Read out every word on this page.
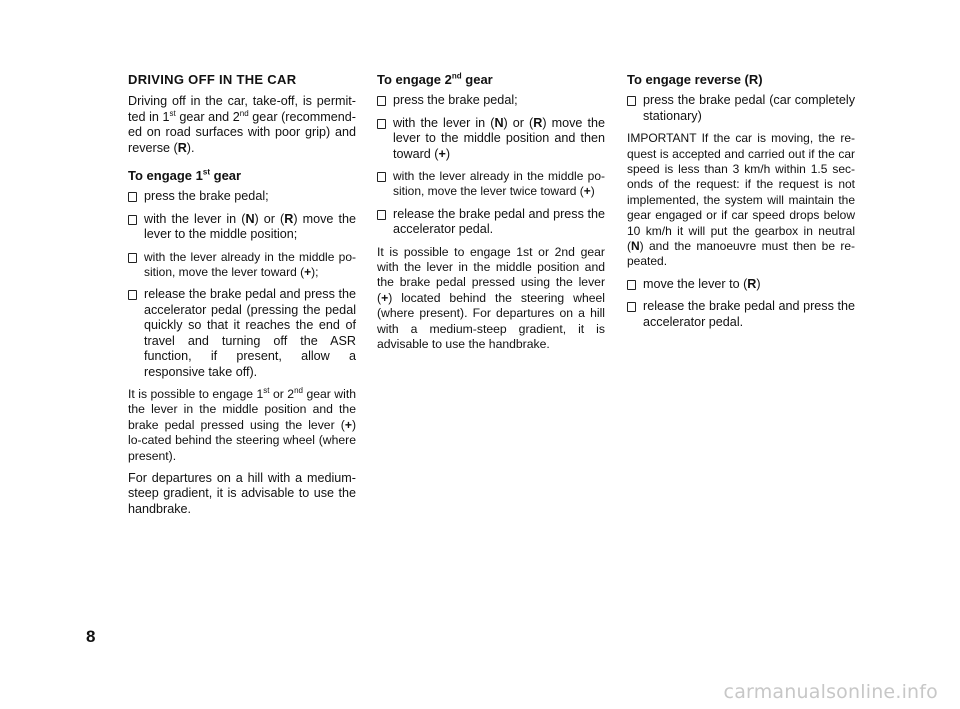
DRIVING OFF IN THE CAR

Driving off in the car, take-off, is permit-ted in 1st gear and 2nd gear (recommend-ed on road surfaces with poor grip) and reverse (R).

To engage 1st gear
press the brake pedal;
with the lever in (N) or (R) move the lever to the middle position;
with the lever already in the middle po-sition, move the lever toward (+);
release the brake pedal and press the accelerator pedal (pressing the pedal quickly so that it reaches the end of travel and turning off the ASR function, if present, allow a responsive take off).

It is possible to engage 1st or 2nd gear with the lever in the middle position and the brake pedal pressed using the lever (+) lo-cated behind the steering wheel (where present).

For departures on a hill with a medium-steep gradient, it is advisable to use the handbrake.

To engage 2nd gear
press the brake pedal;
with the lever in (N) or (R) move the lever to the middle position and then toward (+)
with the lever already in the middle po-sition, move the lever twice toward (+)
release the brake pedal and press the accelerator pedal.

It is possible to engage 1st or 2nd gear with the lever in the middle position and the brake pedal pressed using the lever (+) located behind the steering wheel (where present). For departures on a hill with a medium-steep gradient, it is advisable to use the handbrake.

To engage reverse (R)
press the brake pedal (car completely stationary)

IMPORTANT If the car is moving, the re-quest is accepted and carried out if the car speed is less than 3 km/h within 1.5 sec-onds of the request: if the request is not implemented, the system will maintain the gear engaged or if car speed drops below 10 km/h it will put the gearbox in neutral (N) and the manoeuvre must then be re-peated.

move the lever to (R)
release the brake pedal and press the accelerator pedal.
8
carmanualsonline.info
